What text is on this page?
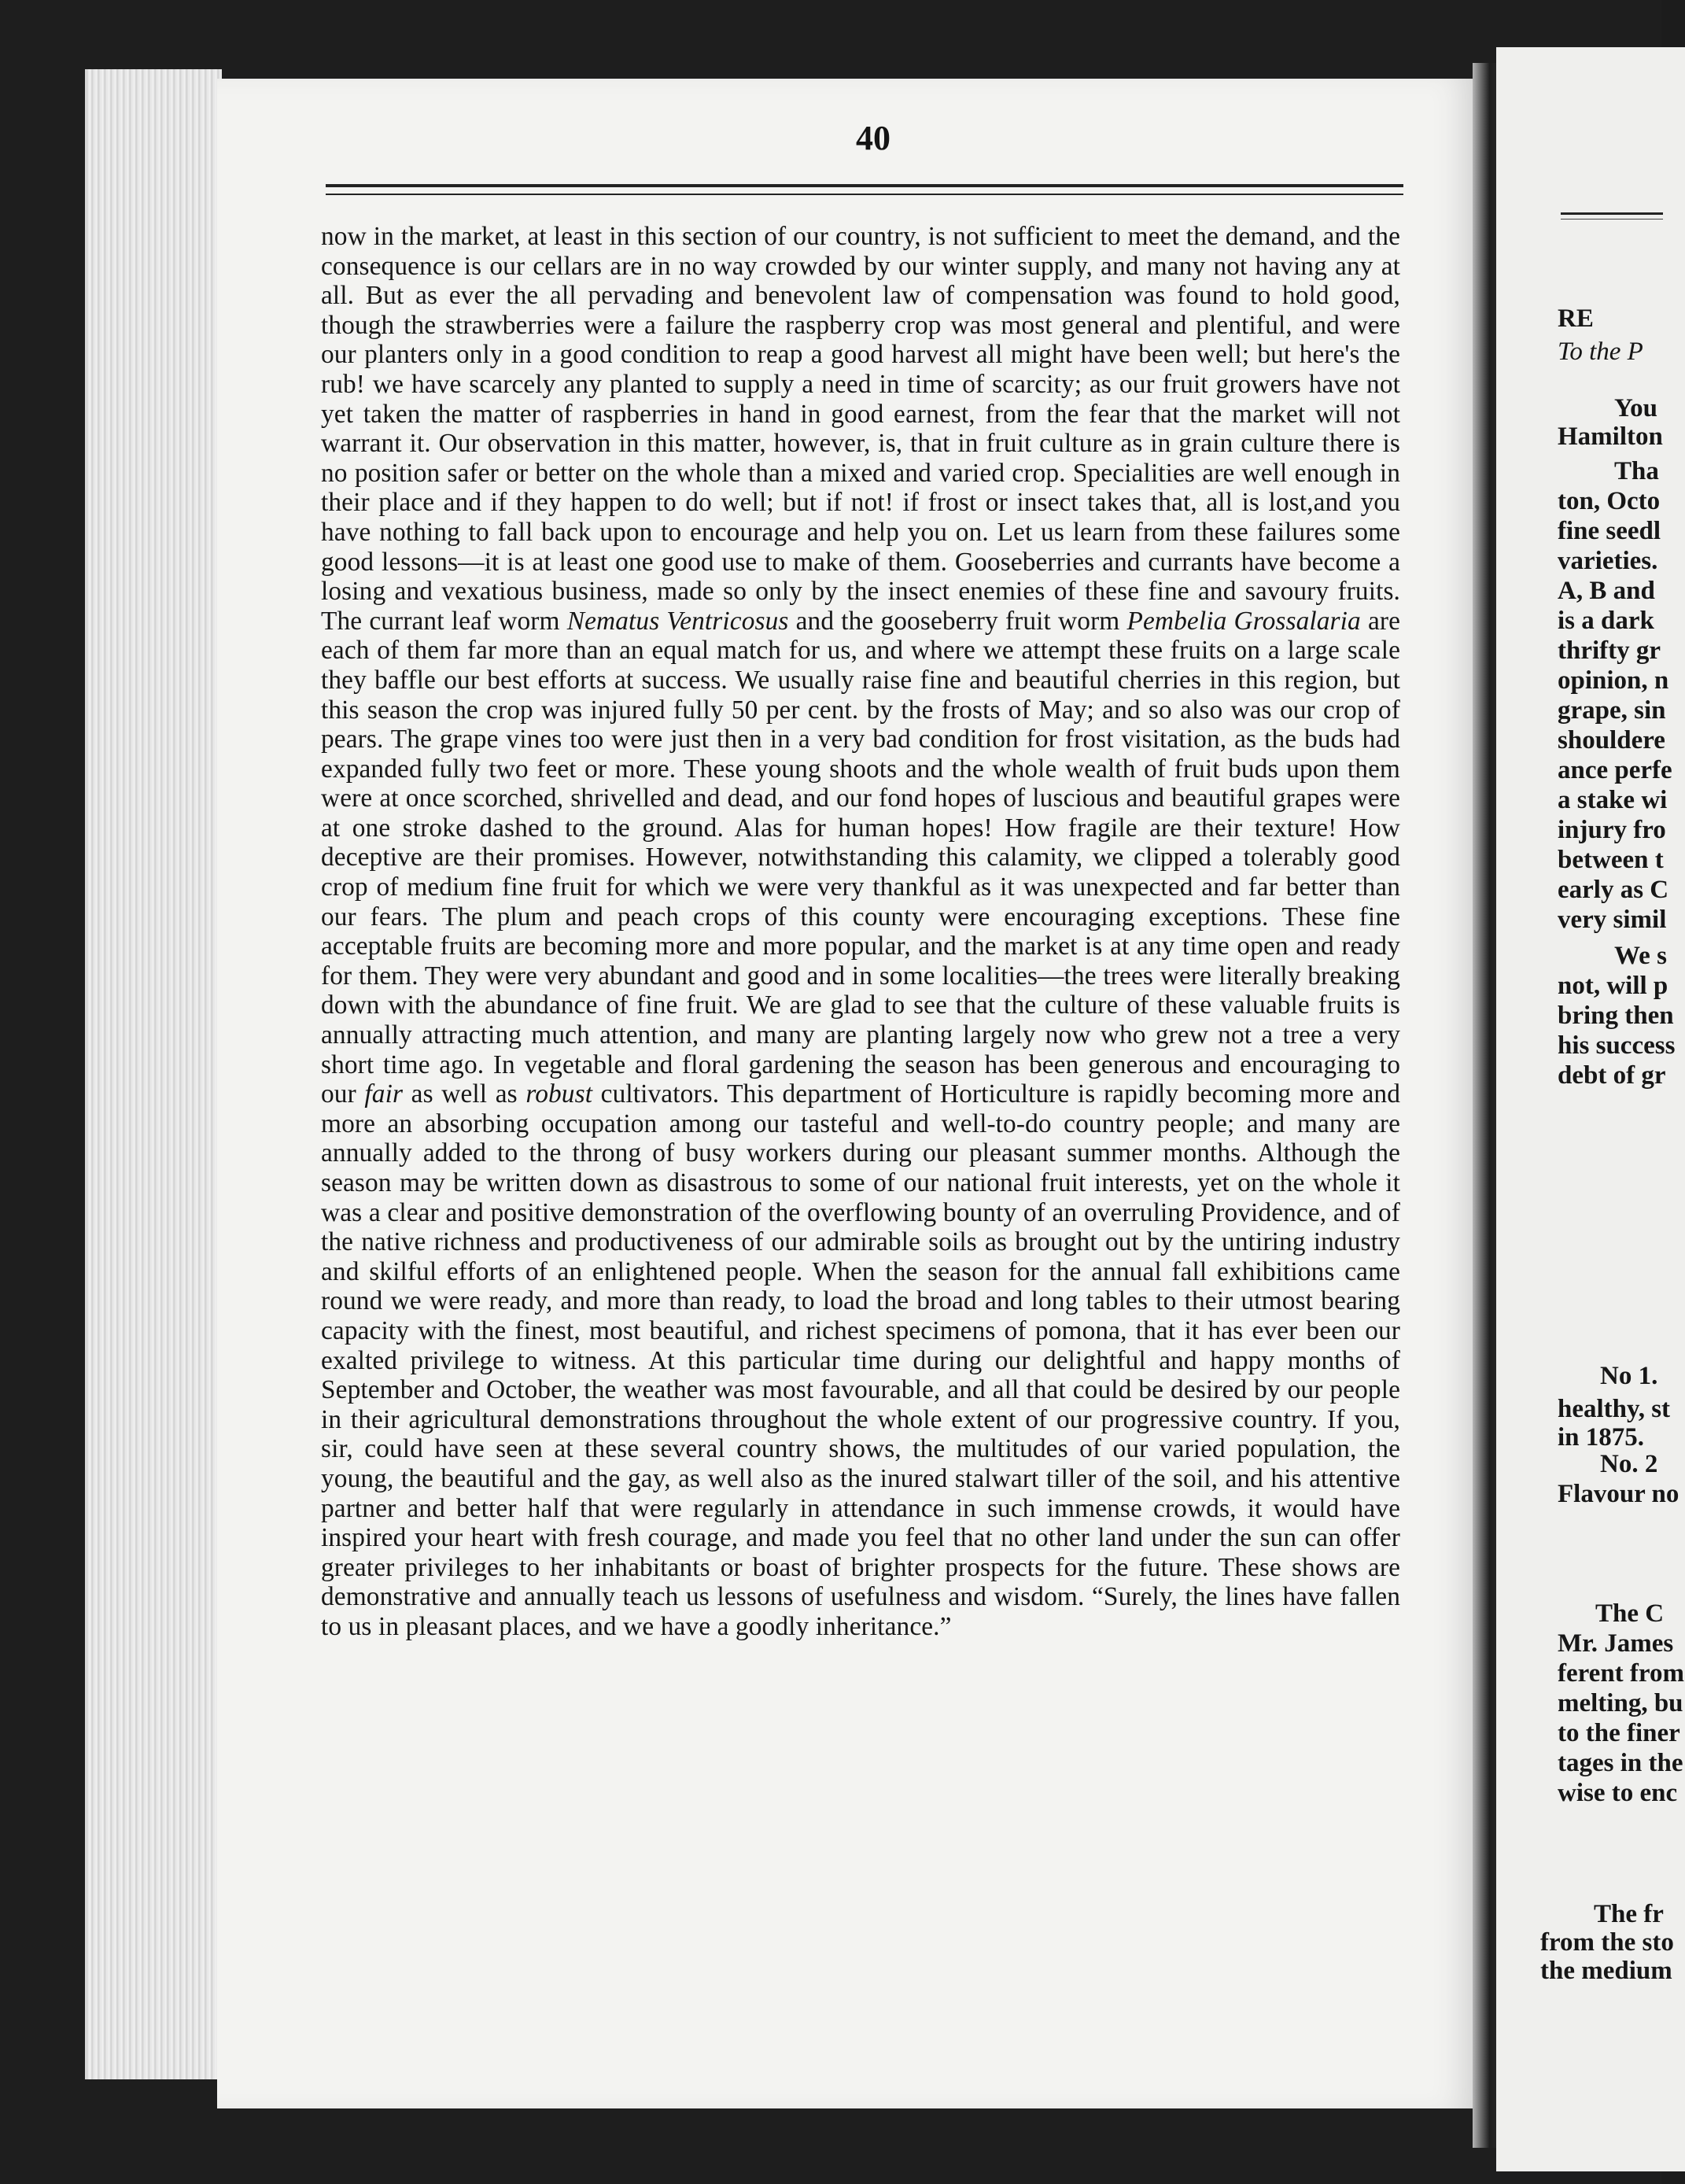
40

now in the market, at least in this section of our country, is not sufficient to meet the demand, and the consequence is our cellars are in no way crowded by our winter supply, and many not having any at all. But as ever the all pervading and benevolent law of compensation was found to hold good, though the strawberries were a failure the raspberry crop was most general and plentiful, and were our planters only in a good condition to reap a good harvest all might have been well; but here's the rub! we have scarcely any planted to supply a need in time of scarcity; as our fruit growers have not yet taken the matter of raspberries in hand in good earnest, from the fear that the market will not warrant it. Our observation in this matter, however, is, that in fruit culture as in grain culture there is no position safer or better on the whole than a mixed and varied crop. Specialities are well enough in their place and if they happen to do well; but if not! if frost or insect takes that, all is lost,and you have nothing to fall back upon to encourage and help you on. Let us learn from these failures some good lessons—it is at least one good use to make of them. Gooseberries and currants have become a losing and vexatious business, made so only by the insect enemies of these fine and savoury fruits. The currant leaf worm Nematus Ventricosus and the gooseberry fruit worm Pembelia Grossalaria are each of them far more than an equal match for us, and where we attempt these fruits on a large scale they baffle our best efforts at success. We usually raise fine and beautiful cherries in this region, but this season the crop was injured fully 50 per cent. by the frosts of May; and so also was our crop of pears. The grape vines too were just then in a very bad condition for frost visitation, as the buds had expanded fully two feet or more. These young shoots and the whole wealth of fruit buds upon them were at once scorched, shrivelled and dead, and our fond hopes of luscious and beautiful grapes were at one stroke dashed to the ground. Alas for human hopes! How fragile are their texture! How deceptive are their promises. However, notwithstanding this calamity, we clipped a tolerably good crop of medium fine fruit for which we were very thankful as it was unexpected and far better than our fears. The plum and peach crops of this county were encouraging exceptions. These fine acceptable fruits are becoming more and more popular, and the market is at any time open and ready for them. They were very abundant and good and in some localities—the trees were literally breaking down with the abundance of fine fruit. We are glad to see that the culture of these valuable fruits is annually attracting much attention, and many are planting largely now who grew not a tree a very short time ago. In vegetable and floral gardening the season has been generous and encouraging to our fair as well as robust cultivators. This department of Horticulture is rapidly becoming more and more an absorbing occupation among our tasteful and well-to-do country people; and many are annually added to the throng of busy workers during our pleasant summer months. Although the season may be written down as disastrous to some of our national fruit interests, yet on the whole it was a clear and positive demonstration of the overflowing bounty of an overruling Providence, and of the native richness and productiveness of our admirable soils as brought out by the untiring industry and skilful efforts of an enlightened people. When the season for the annual fall exhibitions came round we were ready, and more than ready, to load the broad and long tables to their utmost bearing capacity with the finest, most beautiful, and richest specimens of pomona, that it has ever been our exalted privilege to witness. At this particular time during our delightful and happy months of September and October, the weather was most favourable, and all that could be desired by our people in their agricultural demonstrations throughout the whole extent of our progressive country. If you, sir, could have seen at these several country shows, the multitudes of our varied population, the young, the beautiful and the gay, as well also as the inured stalwart tiller of the soil, and his attentive partner and better half that were regularly in attendance in such immense crowds, it would have inspired your heart with fresh courage, and made you feel that no other land under the sun can offer greater privileges to her inhabitants or boast of brighter prospects for the future. These shows are demonstrative and annually teach us lessons of usefulness and wisdom. “Surely, the lines have fallen to us in pleasant places, and we have a goodly inheritance.”

RE
To the P
You
Hamilton
Tha
ton, Octo
fine seedl
varieties.
A, B and
is a dark
thrifty gr
opinion, n
grape, sin
shouldere
ance perfe
a stake wi
injury fro
between t
early as C
very simil
We s
not, will p
bring then
his success
debt of gr
No 1.
healthy, st
in 1875.
No. 2
Flavour no
The C
Mr. James
ferent from
melting, bu
to the finer
tages in the
wise to enc
The fr
from the sto
the medium
